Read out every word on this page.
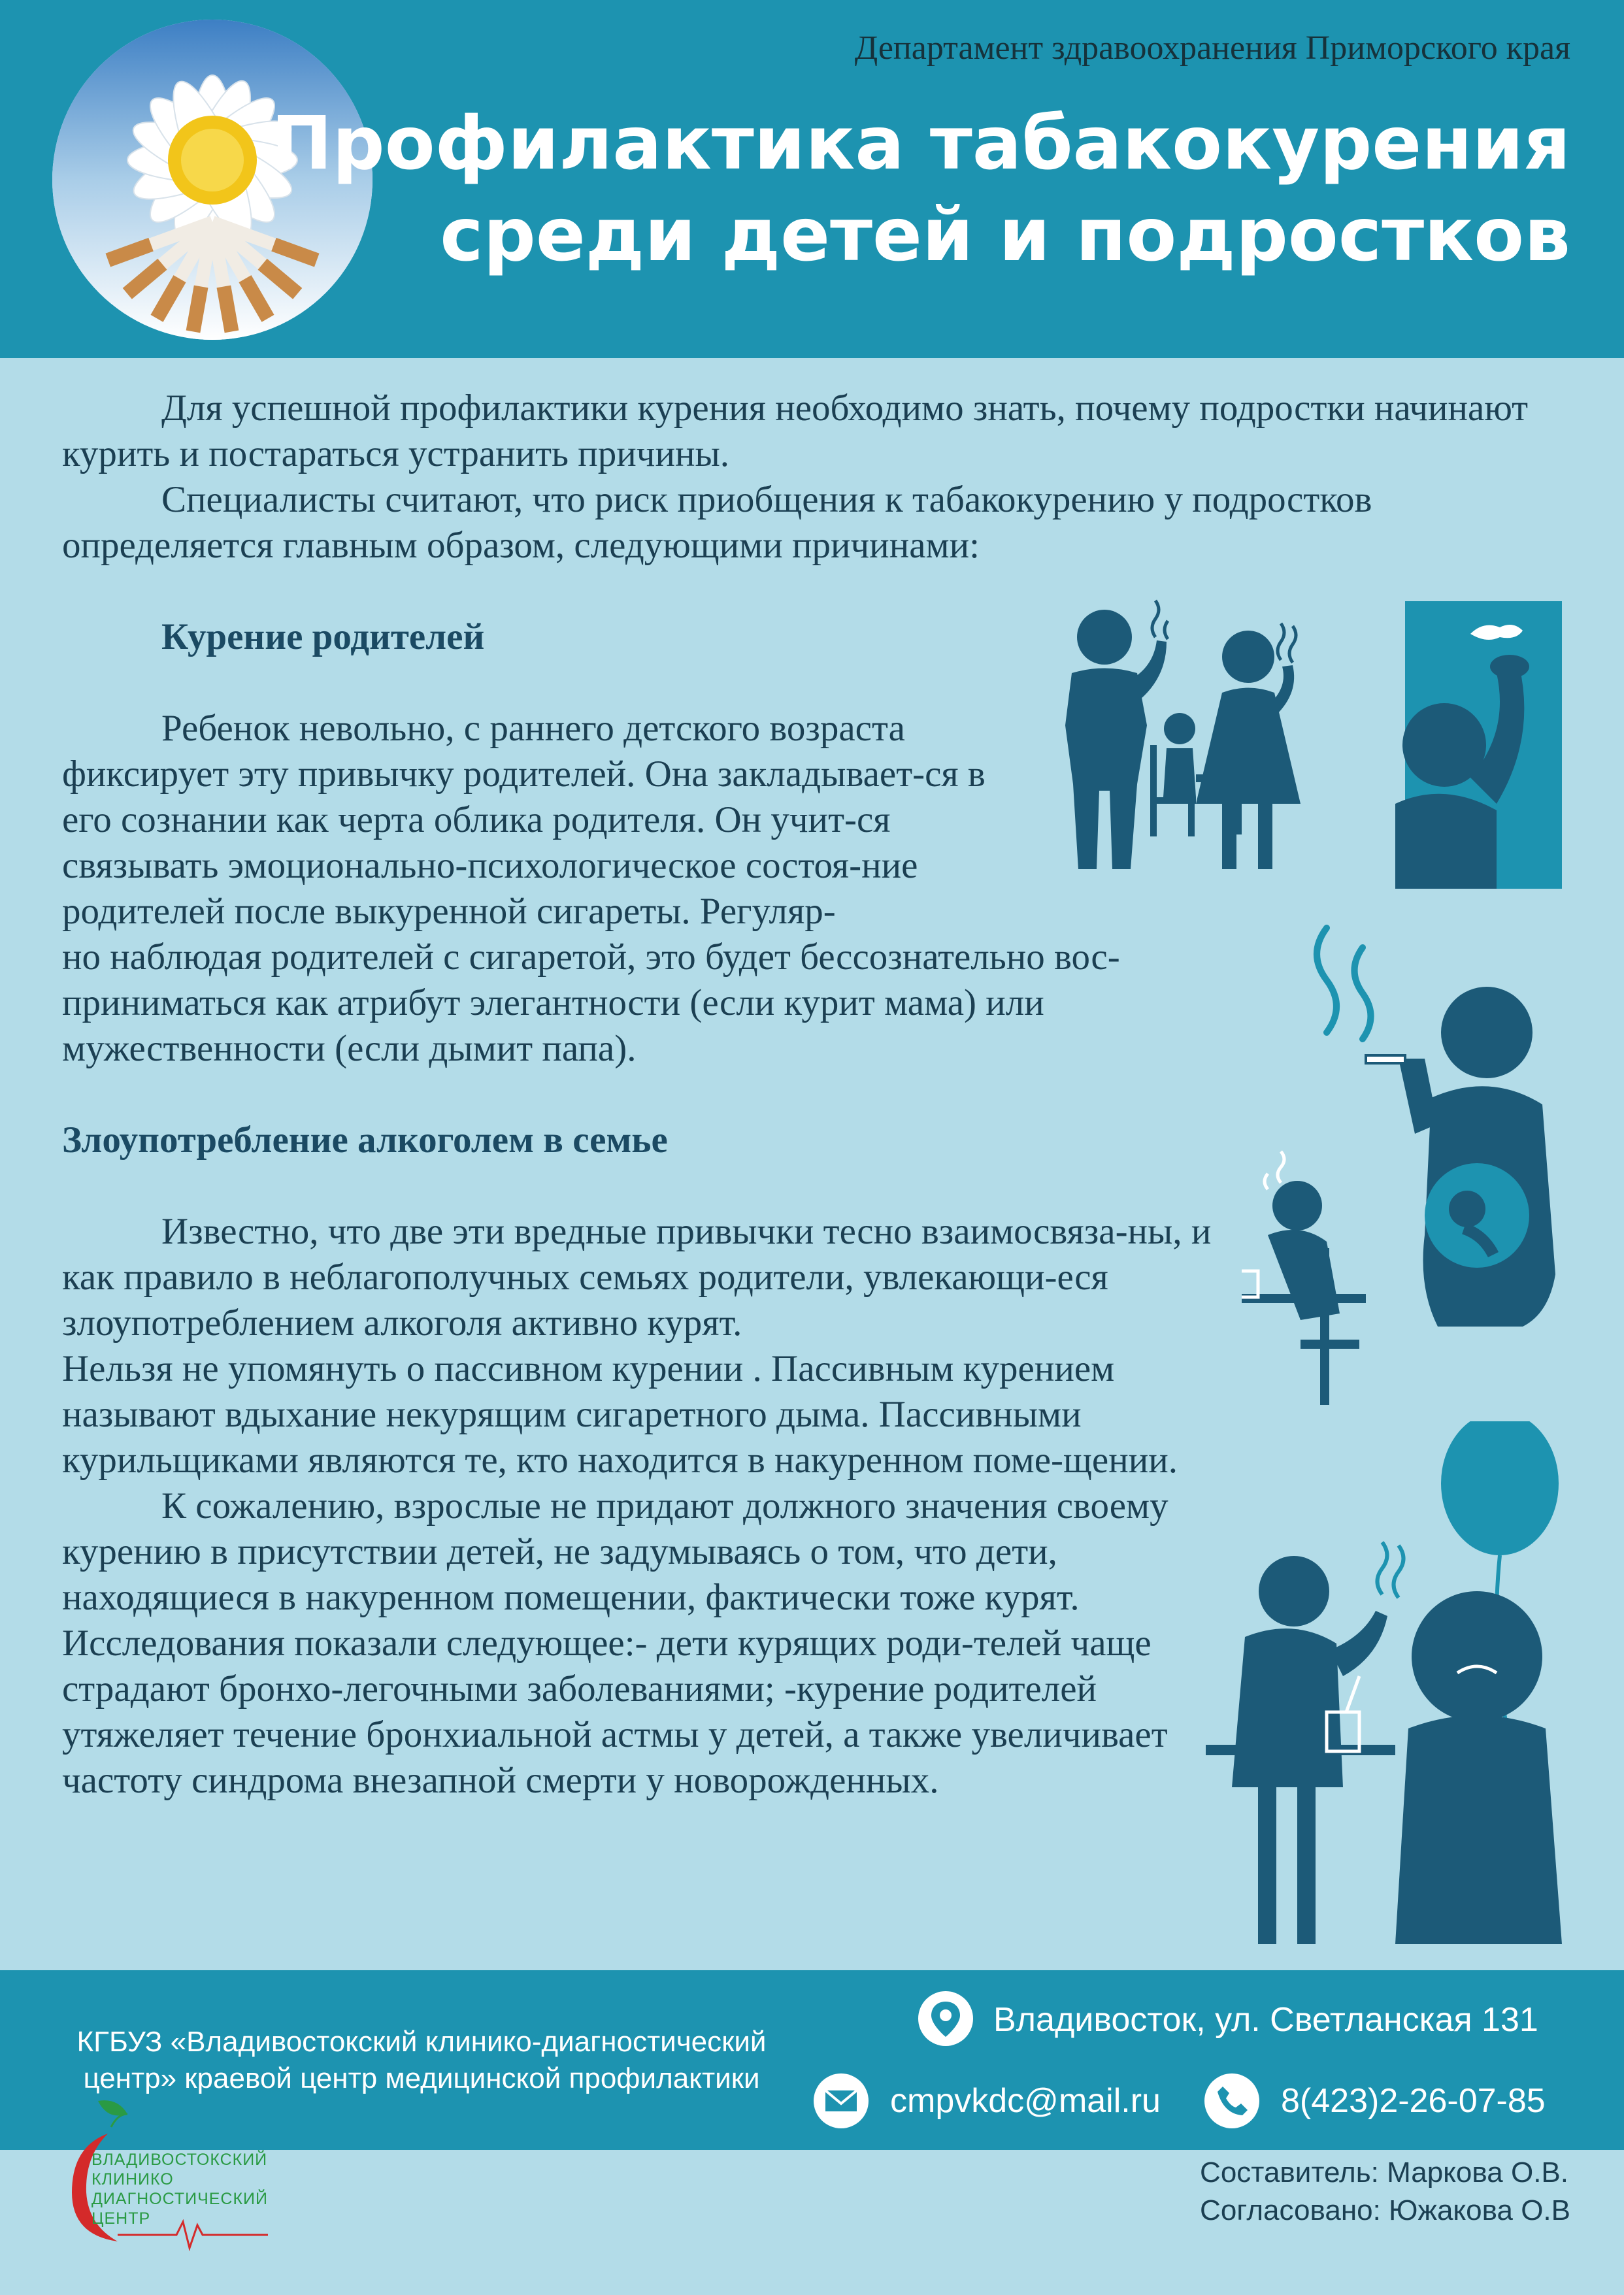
Департамент здравоохранения Приморского края
Профилактика табакокурения
среди детей и подростков

Для успешной профилактики курения необходимо знать, почему подростки начинают курить и постараться устранить причины.

Специалисты считают, что риск приобщения к табакокурению у подростков определяется главным образом, следующими причинами:

Курение родителей

Ребенок невольно, с раннего детского возраста фиксирует эту привычку родителей. Она закладывает-ся в его сознании как черта облика родителя. Он учит-ся связывать эмоционально-психологическое состоя-ние родителей после выкуренной сигареты. Регуляр-

но наблюдая родителей с сигаретой, это будет бессознательно вос-приниматься как атрибут элегантности (если курит мама) или мужественности (если дымит папа).

Злоупотребление алкоголем в семье

Известно, что две эти вредные привычки тесно взаимосвяза-ны, и как правило в неблагополучных семьях родители, увлекающи-еся злоупотреблением алкоголя активно курят.

Нельзя не упомянуть о пассивном курении . Пассивным курением называют вдыхание некурящим сигаретного дыма. Пассивными курильщиками являются те, кто находится в накуренном поме-щении.

К сожалению, взрослые не придают должного значения своему курению в присутствии детей, не задумываясь о том, что дети, находящиеся в накуренном помещении, фактически тоже курят. Исследования показали следующее:- дети курящих роди-телей чаще страдают бронхо-легочными заболеваниями; -курение родителей утяжеляет течение бронхиальной астмы у детей, а также увеличивает частоту синдрома внезапной смерти у новорожденных.

КГБУЗ «Владивостокский клинико-диагностический
центр» краевой центр медицинской профилактики
Владивосток, ул. Светланская 131
cmpvkdc@mail.ru	8(423)2-26-07-85
ВЛАДИВОСТОКСКИЙ
КЛИНИКО
ДИАГНОСТИЧЕСКИЙ
ЦЕНТР
Составитель: Маркова О.В.
Согласовано: Южакова О.В
